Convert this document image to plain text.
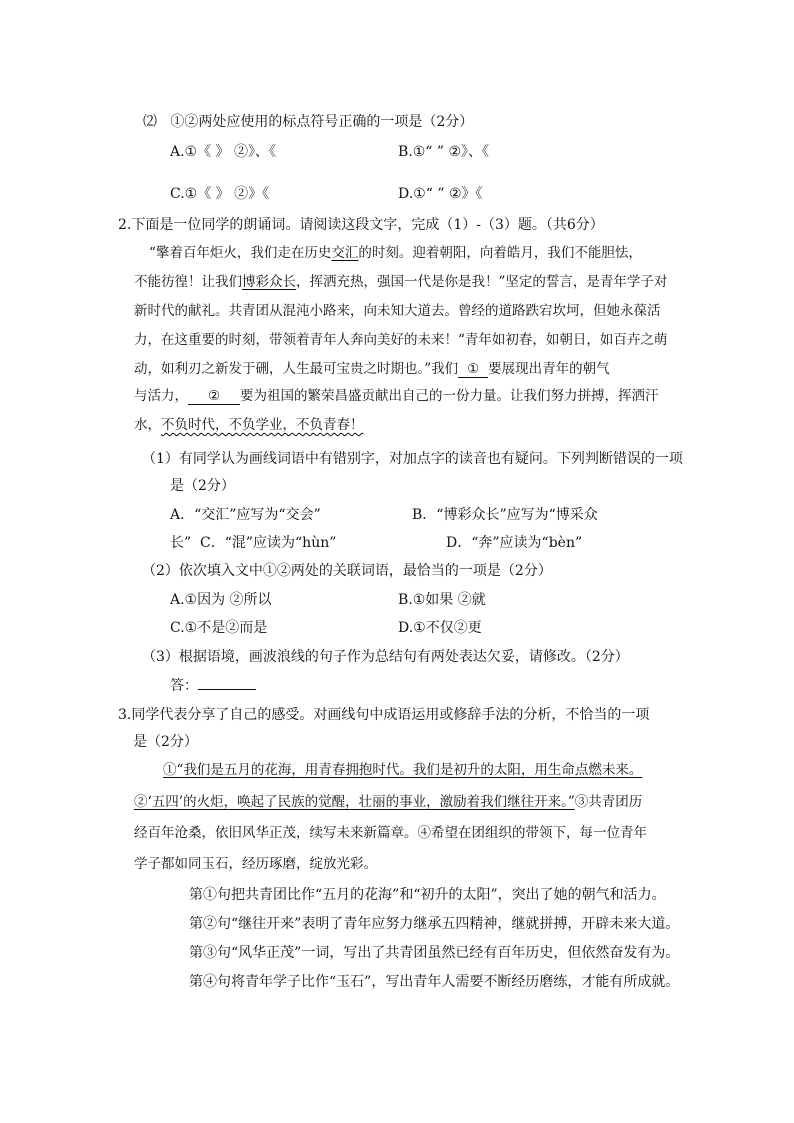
⑵ ①②两处应使用的标点符号正确的一项是（2分）
A.①《 》 ②》、《	B.①“ ” ②》、《
C.①《 》 ②》《	D.①“ ” ②》《
2.下面是一位同学的朗诵词。请阅读这段文字，完成（1）-（3）题。（共6分）
“擎着百年炬火，我们走在历史交汇的时刻。迎着朝阳，向着皓月，我们不能胆怯，
不能彷徨！让我们博彩众长，挥洒充热，强国一代是你是我！”坚定的誓言，是青年学子对
新时代的献礼。共青团从混沌小路来，向未知大道去。曾经的道路跌宕坎坷，但她永葆活
力，在这重要的时刻，带领着青年人奔向美好的未来！“青年如初春，如朝日，如百卉之萌
动，如利刃之新发于硎，人生最可宝贵之时期也。”我们 ① 要展现出青年的朝气
与活力， ② 要为祖国的繁荣昌盛贡献出自己的一份力量。让我们努力拼搏，挥洒汗
水，不负时代，不负学业，不负青春！
（1）有同学认为画线词语中有错别字，对加点字的读音也有疑问。下列判断错误的一项
是（2分）
A．“交汇”应写为“交会”	B．“博彩众长”应写为“博采众
长” C．“混”应读为“hùn”	D．“奔”应读为“bèn”
（2）依次填入文中①②两处的关联词语，最恰当的一项是（2分）
A.①因为 ②所以	B.①如果 ②就
C.①不是②而是	D.①不仅②更
（3）根据语境，画波浪线的句子作为总结句有两处表达欠妥，请修改。（2分）
答：
3.同学代表分享了自己的感受。对画线句中成语运用或修辞手法的分析，不恰当的一项
是（2分）
①“我们是五月的花海，用青春拥抱时代。我们是初升的太阳，用生命点燃未来。
②‘五四’的火炬，唤起了民族的觉醒，壮丽的事业，激励着我们继往开来。”③共青团历
经百年沧桑，依旧风华正茂，续写未来新篇章。④希望在团组织的带领下，每一位青年
学子都如同玉石，经历琢磨，绽放光彩。
第①句把共青团比作“五月的花海”和“初升的太阳”，突出了她的朝气和活力。
第②句“继往开来”表明了青年应努力继承五四精神，继就拼搏，开辟未来大道。
第③句“风华正茂”一词，写出了共青团虽然已经有百年历史，但依然奋发有为。
第④句将青年学子比作“玉石”，写出青年人需要不断经历磨练，才能有所成就。
